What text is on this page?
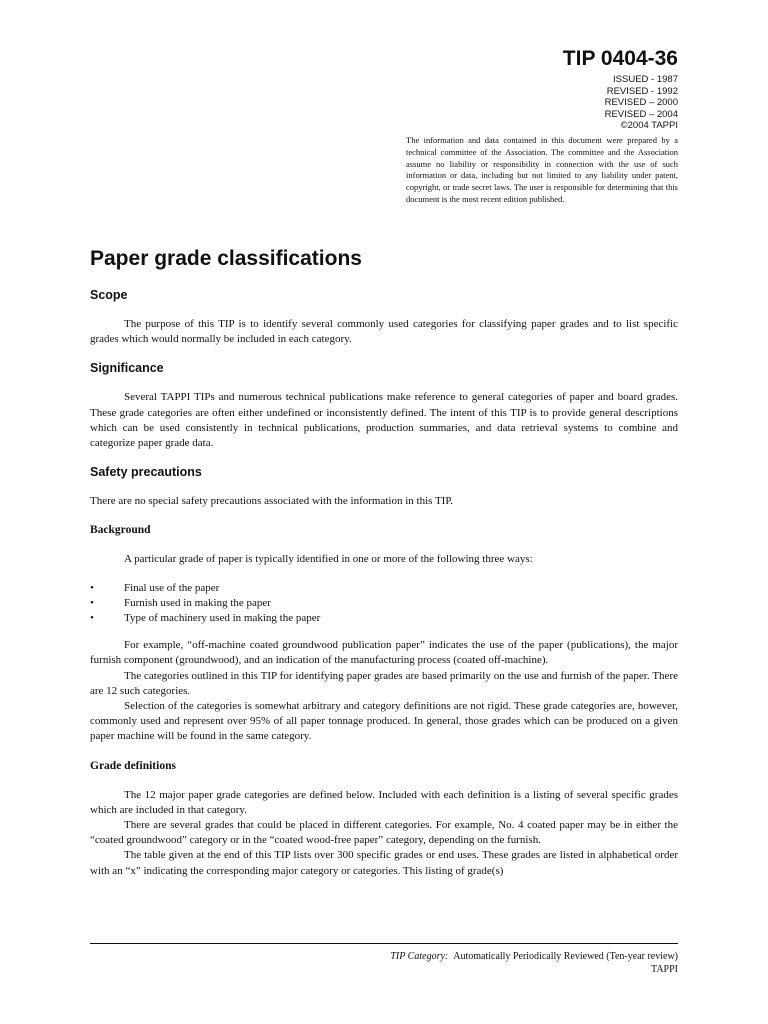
TIP 0404-36
ISSUED - 1987
REVISED - 1992
REVISED – 2000
REVISED – 2004
©2004 TAPPI

The information and data contained in this document were prepared by a technical committee of the Association. The committee and the Association assume no liability or responsibility in connection with the use of such information or data, including but not limited to any liability under patent, copyright, or trade secret laws. The user is responsible for determining that this document is the most recent edition published.

Paper grade classifications
Scope

The purpose of this TIP is to identify several commonly used categories for classifying paper grades and to list specific grades which would normally be included in each category.

Significance

Several TAPPI TIPs and numerous technical publications make reference to general categories of paper and board grades. These grade categories are often either undefined or inconsistently defined. The intent of this TIP is to provide general descriptions which can be used consistently in technical publications, production summaries, and data retrieval systems to combine and categorize paper grade data.

Safety precautions

There are no special safety precautions associated with the information in this TIP.

Background

A particular grade of paper is typically identified in one or more of the following three ways:

•	Final use of the paper
•	Furnish used in making the paper
•	Type of machinery used in making the paper

For example, “off-machine coated groundwood publication paper” indicates the use of the paper (publications), the major furnish component (groundwood), and an indication of the manufacturing process (coated off-machine).

The categories outlined in this TIP for identifying paper grades are based primarily on the use and furnish of the paper. There are 12 such categories.

Selection of the categories is somewhat arbitrary and category definitions are not rigid. These grade categories are, however, commonly used and represent over 95% of all paper tonnage produced. In general, those grades which can be produced on a given paper machine will be found in the same category.

Grade definitions

The 12 major paper grade categories are defined below. Included with each definition is a listing of several specific grades which are included in that category.

There are several grades that could be placed in different categories. For example, No. 4 coated paper may be in either the “coated groundwood” category or in the “coated wood-free paper” category, depending on the furnish.

The table given at the end of this TIP lists over 300 specific grades or end uses. These grades are listed in alphabetical order with an “x” indicating the corresponding major category or categories. This listing of grade(s)

TIP Category: Automatically Periodically Reviewed (Ten-year review)
TAPPI
